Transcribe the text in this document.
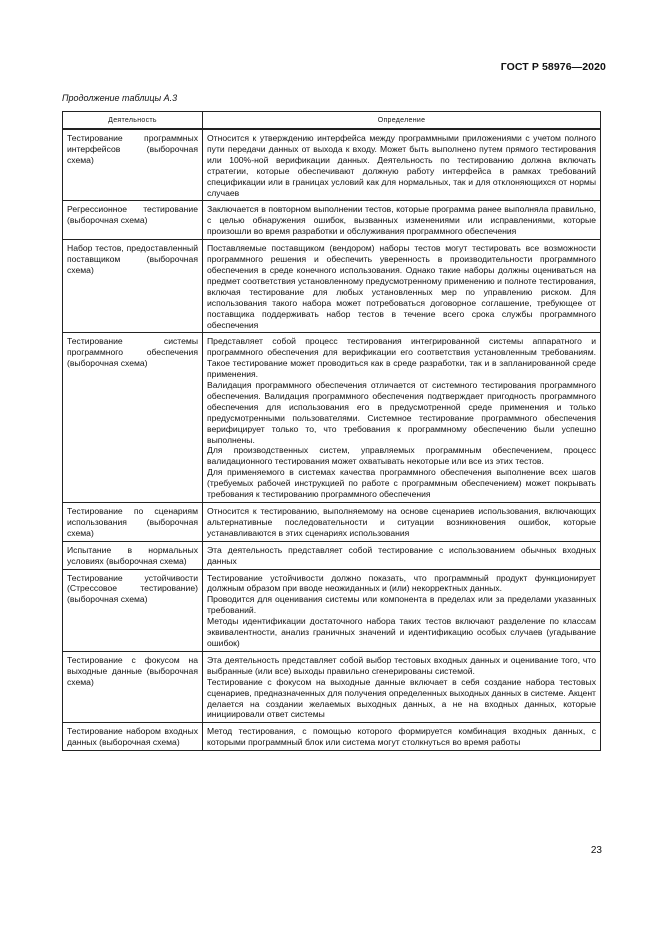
ГОСТ Р 58976—2020
Продолжение таблицы А.3
Деятельность	Определение
Тестирование программных интерфейсов (выборочная схема)	Относится к утверждению интерфейса между программными приложениями с учетом полного пути передачи данных от выхода к входу. Может быть выполнено путем прямого тестирования или 100%-ной верификации данных. Деятельность по тестированию должна включать стратегии, которые обеспечивают должную работу интерфейса в рамках требований спецификации или в границах условий как для нормальных, так и для отклоняющихся от нормы случаев

Регрессионное тестирование (выборочная схема)	Заключается в повторном выполнении тестов, которые программа ранее выполняла правильно, с целью обнаружения ошибок, вызванных изменениями или исправлениями, которые произошли во время разработки и обслуживания программного обеспечения

Набор тестов, предоставленный поставщиком (выборочная схема)	Поставляемые поставщиком (вендором) наборы тестов могут тестировать все возможности программного решения и обеспечить уверенность в производительности программного обеспечения в среде конечного использования. Однако такие наборы должны оцениваться на предмет соответствия установленному предусмотренному применению и полноте тестирования, включая тестирование для любых установленных мер по управлению риском. Для использования такого набора может потребоваться договорное соглашение, требующее от поставщика поддерживать набор тестов в течение всего срока службы программного обеспечения

Тестирование системы программного обеспечения (выборочная схема)	Представляет собой процесс тестирования интегрированной системы аппаратного и программного обеспечения для верификации его соответствия установленным требованиям. Такое тестирование может проводиться как в среде разработки, так и в запланированной среде применения.
Валидация программного обеспечения отличается от системного тестирования программного обеспечения. Валидация программного обеспечения подтверждает пригодность программного обеспечения для использования его в предусмотренной среде применения и только предусмотренными пользователями. Системное тестирование программного обеспечения верифицирует только то, что требования к программному обеспечению были успешно выполнены.
Для производственных систем, управляемых программным обеспечением, процесс валидационного тестирования может охватывать некоторые или все из этих тестов.
Для применяемого в системах качества программного обеспечения выполнение всех шагов (требуемых рабочей инструкцией по работе с программным обеспечением) может покрывать требования к тестированию программного обеспечения

Тестирование по сценариям использования (выборочная схема)	Относится к тестированию, выполняемому на основе сценариев использования, включающих альтернативные последовательности и ситуации возникновения ошибок, которые устанавливаются в этих сценариях использования

Испытание в нормальных условиях (выборочная схема)	Эта деятельность представляет собой тестирование с использованием обычных входных данных

Тестирование устойчивости (Стрессовое тестирование) (выборочная схема)	Тестирование устойчивости должно показать, что программный продукт функционирует должным образом при вводе неожиданных и (или) некорректных данных.
Проводится для оценивания системы или компонента в пределах или за пределами указанных требований.
Методы идентификации достаточного набора таких тестов включают разделение по классам эквивалентности, анализ граничных значений и идентификацию особых случаев (угадывание ошибок)

Тестирование с фокусом на выходные данные (выборочная схема)	Эта деятельность представляет собой выбор тестовых входных данных и оценивание того, что выбранные (или все) выходы правильно сгенерированы системой.
Тестирование с фокусом на выходные данные включает в себя создание набора тестовых сценариев, предназначенных для получения определенных выходных данных в системе. Акцент делается на создании желаемых выходных данных, а не на входных данных, которые инициировали ответ системы

Тестирование набором входных данных (выборочная схема)	Метод тестирования, с помощью которого формируется комбинация входных данных, с которыми программный блок или система могут столкнуться во время работы
23
